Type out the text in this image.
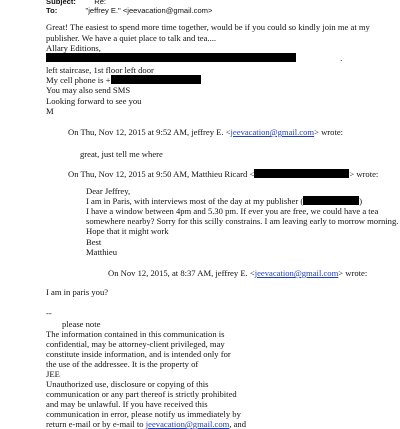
Subject: Re:
To:	"jeffrey E." <jeevacation@gmail.com>
Great! The easiest to spend more time together, would be if you could so kindly join me at my
publisher. We have a quiet place to talk and tea....
Allary Editions,
.
left staircase, 1st floor left door
My cell phone is +
You may also send SMS
Looking forward to see you
M
On Thu, Nov 12, 2015 at 9:52 AM, jeffrey E. <jeevacation@gmail.com> wrote:
great, just tell me where
On Thu, Nov 12, 2015 at 9:50 AM, Matthieu Ricard <	> wrote:
Dear Jeffrey,
I am in Paris, with interviews most of the day at my publisher (	)
I have a window between 4pm and 5.30 pm. If ever you are free, we could have a tea
somewhere nearby? Sorry for this scilly constrains. I am leaving early to morrow morning.
Hope that it might work
Best
Matthieu
On Nov 12, 2015, at 8:37 AM, jeffrey E. <jeevacation@gmail.com> wrote:
I am in paris you?
--
please note
The information contained in this communication is
confidential, may be attorney-client privileged, may
constitute inside information, and is intended only for
the use of the addressee. It is the property of
JEE
Unauthorized use, disclosure or copying of this
communication or any part thereof is strictly prohibited
and may be unlawful. If you have received this
communication in error, please notify us immediately by
return e-mail or by e-mail to jeevacation@gmail.com, and
